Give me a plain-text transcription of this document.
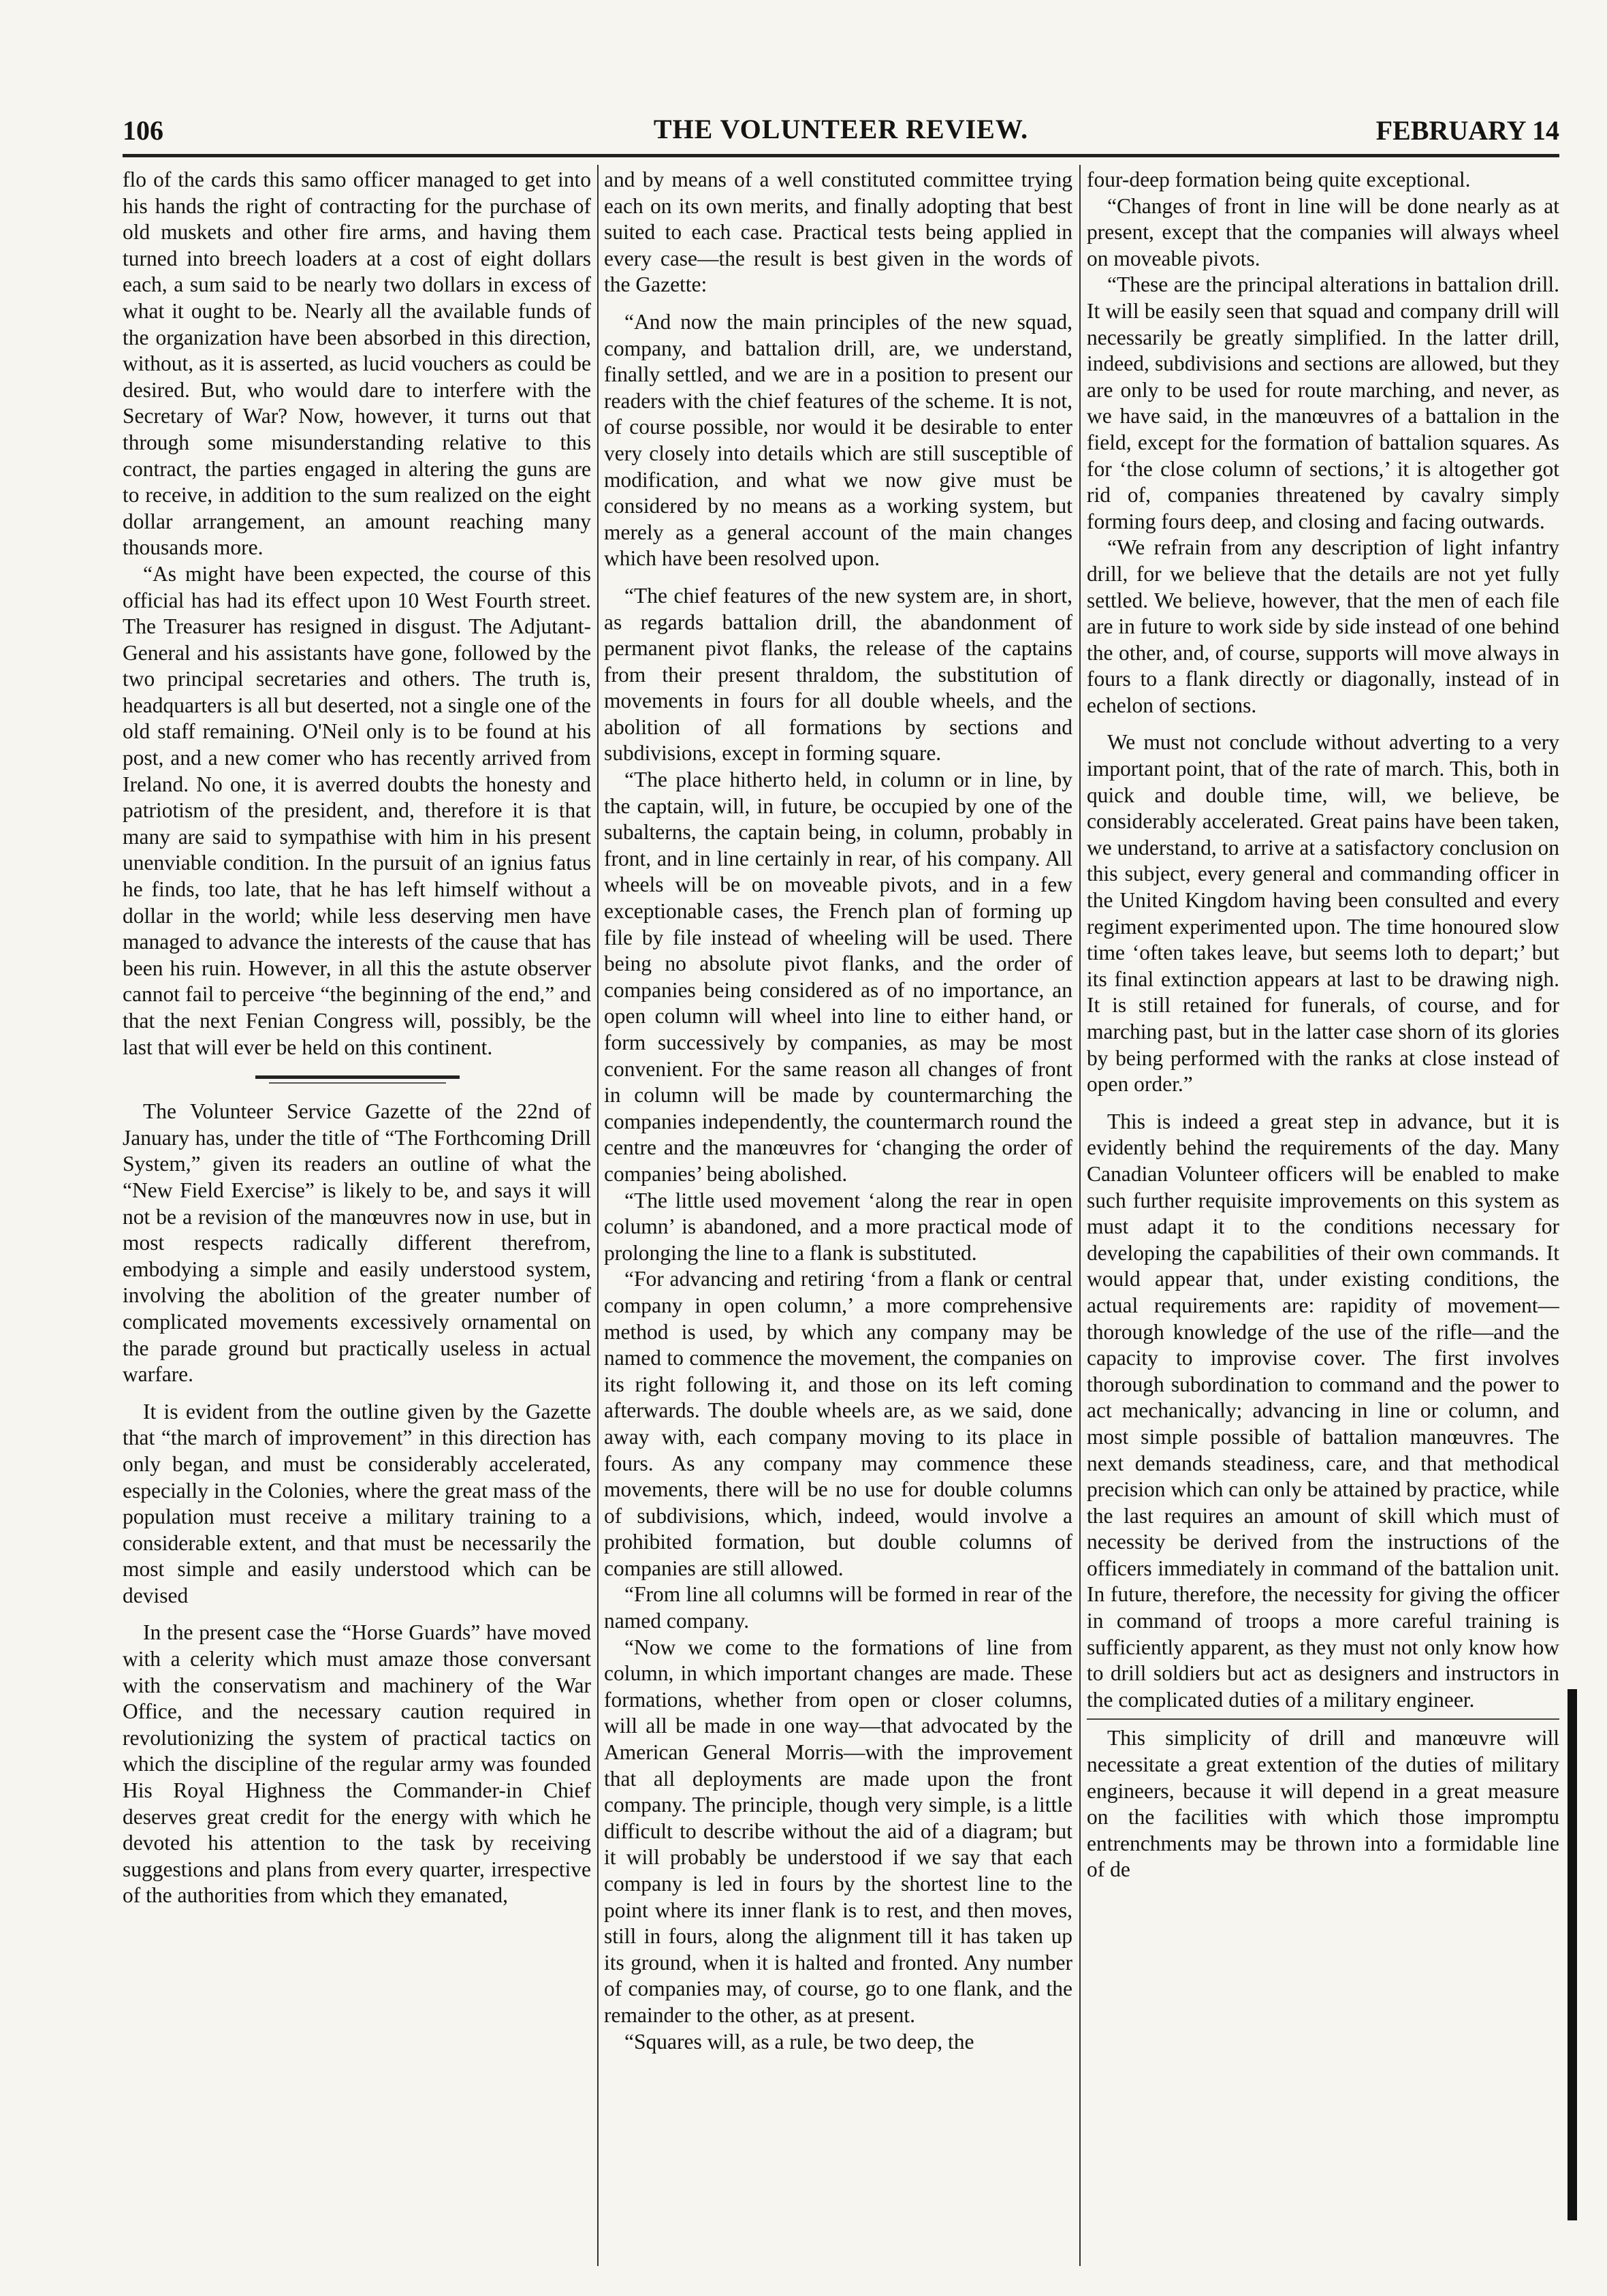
106	THE VOLUNTEER REVIEW.	FEBRUARY 14

flo of the cards this samo officer managed to get into his hands the right of contracting for the purchase of old muskets and other fire arms, and having them turned into breech loaders at a cost of eight dollars each, a sum said to be nearly two dollars in excess of what it ought to be. Nearly all the available funds of the organization have been absorbed in this direction, without, as it is asserted, as lucid vouchers as could be desired. But, who would dare to interfere with the Secretary of War? Now, however, it turns out that through some misunderstanding relative to this contract, the parties engaged in altering the guns are to receive, in addition to the sum realized on the eight dollar arrangement, an amount reaching many thousands more.

“As might have been expected, the course of this official has had its effect upon 10 West Fourth street. The Treasurer has resigned in disgust. The Adjutant-General and his assistants have gone, followed by the two principal secretaries and others. The truth is, headquarters is all but deserted, not a single one of the old staff remaining. O'Neil only is to be found at his post, and a new comer who has recently arrived from Ireland. No one, it is averred doubts the honesty and patriotism of the president, and, therefore it is that many are said to sympathise with him in his present unenviable condition. In the pursuit of an ignius fatus he finds, too late, that he has left himself without a dollar in the world; while less deserving men have managed to advance the interests of the cause that has been his ruin. However, in all this the astute observer cannot fail to perceive “the beginning of the end,” and that the next Fenian Congress will, possibly, be the last that will ever be held on this continent.

The Volunteer Service Gazette of the 22nd of January has, under the title of “The Forthcoming Drill System,” given its readers an outline of what the “New Field Exercise” is likely to be, and says it will not be a revision of the manœuvres now in use, but in most respects radically different therefrom, embodying a simple and easily understood system, involving the abolition of the greater number of complicated movements excessively ornamental on the parade ground but practically useless in actual warfare.

It is evident from the outline given by the Gazette that “the march of improvement” in this direction has only began, and must be considerably accelerated, especially in the Colonies, where the great mass of the population must receive a military training to a considerable extent, and that must be necessarily the most simple and easily understood which can be devised

In the present case the “Horse Guards” have moved with a celerity which must amaze those conversant with the conservatism and machinery of the War Office, and the necessary caution required in revolutionizing the system of practical tactics on which the discipline of the regular army was founded His Royal Highness the Commander-in Chief deserves great credit for the energy with which he devoted his attention to the task by receiving suggestions and plans from every quarter, irrespective of the authorities from which they emanated,

and by means of a well constituted committee trying each on its own merits, and finally adopting that best suited to each case. Practical tests being applied in every case—the result is best given in the words of the Gazette:

“And now the main principles of the new squad, company, and battalion drill, are, we understand, finally settled, and we are in a position to present our readers with the chief features of the scheme. It is not, of course possible, nor would it be desirable to enter very closely into details which are still susceptible of modification, and what we now give must be considered by no means as a working system, but merely as a general account of the main changes which have been resolved upon.

“The chief features of the new system are, in short, as regards battalion drill, the abandonment of permanent pivot flanks, the release of the captains from their present thraldom, the substitution of movements in fours for all double wheels, and the abolition of all formations by sections and subdivisions, except in forming square.

“The place hitherto held, in column or in line, by the captain, will, in future, be occupied by one of the subalterns, the captain being, in column, probably in front, and in line certainly in rear, of his company. All wheels will be on moveable pivots, and in a few exceptionable cases, the French plan of forming up file by file instead of wheeling will be used. There being no absolute pivot flanks, and the order of companies being considered as of no importance, an open column will wheel into line to either hand, or form successively by companies, as may be most convenient. For the same reason all changes of front in column will be made by countermarching the companies independently, the countermarch round the centre and the manœuvres for ‘changing the order of companies’ being abolished.

“The little used movement ‘along the rear in open column’ is abandoned, and a more practical mode of prolonging the line to a flank is substituted.

“For advancing and retiring ‘from a flank or central company in open column,’ a more comprehensive method is used, by which any company may be named to commence the movement, the companies on its right following it, and those on its left coming afterwards. The double wheels are, as we said, done away with, each company moving to its place in fours. As any company may commence these movements, there will be no use for double columns of subdivisions, which, indeed, would involve a prohibited formation, but double columns of companies are still allowed.

“From line all columns will be formed in rear of the named company.

“Now we come to the formations of line from column, in which important changes are made. These formations, whether from open or closer columns, will all be made in one way—that advocated by the American General Morris—with the improvement that all deployments are made upon the front company. The principle, though very simple, is a little difficult to describe without the aid of a diagram; but it will probably be understood if we say that each company is led in fours by the shortest line to the point where its inner flank is to rest, and then moves, still in fours, along the alignment till it has taken up its ground, when it is halted and fronted. Any number of companies may, of course, go to one flank, and the remainder to the other, as at present.

“Squares will, as a rule, be two deep, the

four-deep formation being quite exceptional.

“Changes of front in line will be done nearly as at present, except that the companies will always wheel on moveable pivots.

“These are the principal alterations in battalion drill. It will be easily seen that squad and company drill will necessarily be greatly simplified. In the latter drill, indeed, subdivisions and sections are allowed, but they are only to be used for route marching, and never, as we have said, in the manœuvres of a battalion in the field, except for the formation of battalion squares. As for ‘the close column of sections,’ it is altogether got rid of, companies threatened by cavalry simply forming fours deep, and closing and facing outwards.

“We refrain from any description of light infantry drill, for we believe that the details are not yet fully settled. We believe, however, that the men of each file are in future to work side by side instead of one behind the other, and, of course, supports will move always in fours to a flank directly or diagonally, instead of in echelon of sections.

We must not conclude without adverting to a very important point, that of the rate of march. This, both in quick and double time, will, we believe, be considerably accelerated. Great pains have been taken, we understand, to arrive at a satisfactory conclusion on this subject, every general and commanding officer in the United Kingdom having been consulted and every regiment experimented upon. The time honoured slow time ‘often takes leave, but seems loth to depart;’ but its final extinction appears at last to be drawing nigh. It is still retained for funerals, of course, and for marching past, but in the latter case shorn of its glories by being performed with the ranks at close instead of open order.”

This is indeed a great step in advance, but it is evidently behind the requirements of the day. Many Canadian Volunteer officers will be enabled to make such further requisite improvements on this system as must adapt it to the conditions necessary for developing the capabilities of their own commands. It would appear that, under existing conditions, the actual requirements are: rapidity of movement—thorough knowledge of the use of the rifle—and the capacity to improvise cover. The first involves thorough subordination to command and the power to act mechanically; advancing in line or column, and most simple possible of battalion manœuvres. The next demands steadiness, care, and that methodical precision which can only be attained by practice, while the last requires an amount of skill which must of necessity be derived from the instructions of the officers immediately in command of the battalion unit. In future, therefore, the necessity for giving the officer in command of troops a more careful training is sufficiently apparent, as they must not only know how to drill soldiers but act as designers and instructors in the complicated duties of a military engineer.

This simplicity of drill and manœuvre will necessitate a great extention of the duties of military engineers, because it will depend in a great measure on the facilities with which those impromptu entrenchments may be thrown into a formidable line of de
